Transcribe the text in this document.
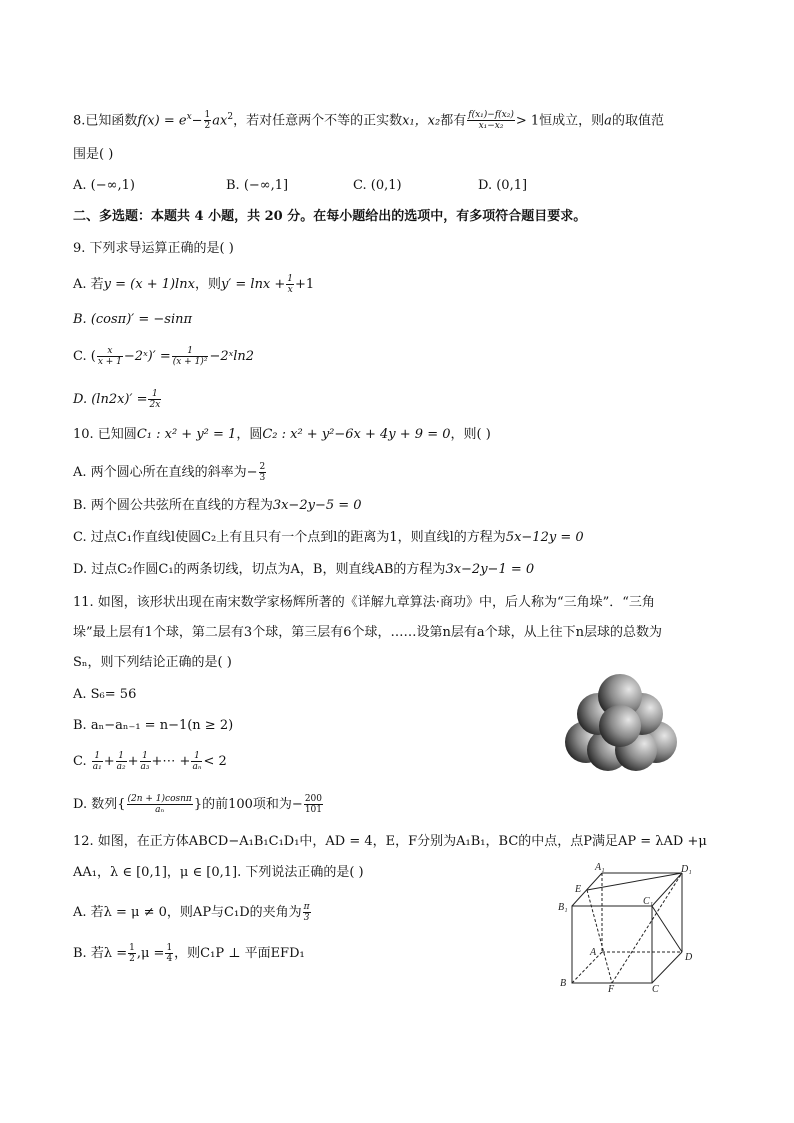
8.已知函数$f(x) = e^x- \frac{1}{2} ax^2$，若对任意两个不等的正实数x₁，x₂都有 $\frac{\text{f(x₁)−f(x₂)}}{\text{x₁−x₂}} > 1$恒成立，则a的取值范
围是( )
A. (−∞,1)	B. (−∞,1]	C. (0,1)	D. (0,1]
二、多选题：本题共 4 小题，共 20 分。在每小题给出的选项中，有多项符合题目要求。
9. 下列求导运算正确的是( )
A. 若y = (x + 1)lnx，则$y' = \ln x + \frac{1}{x} +1$
B. (cosπ)′ = −sinπ
C. ( $\frac{x}{x + 1}$ −2ˣ)′ = $\frac{1}{\text{(x + 1)²}}$ −2ˣln2
D. $(\ln 2x)' = \frac{1}{2x}$
10. 已知圆C₁ : x² + y² = 1，圆C₂ : x² + y²−6x + 4y + 9 = 0，则( )
A. 两个圆心所在直线的斜率为− $\frac{2}{3}$
B. 两个圆公共弦所在直线的方程为3x−2y−5 = 0
C. 过点C₁作直线l使圆C₂上有且只有一个点到l的距离为1，则直线l的方程为5x−12y = 0
D. 过点C₂作圆C₁的两条切线，切点为A，B，则直线AB的方程为3x−2y−1 = 0
11. 如图，该形状出现在南宋数学家杨辉所著的《详解九章算法·商功》中，后人称为“三角垛”．“三角
垛”最上层有1个球，第二层有3个球，第三层有6个球，……设第n层有a个球，从上往下n层球的总数为
Sₙ，则下列结论正确的是( )
A. S₆= 56
B. aₙ−aₙ₋₁ = n−1(n ≥ 2)
C. $\frac{1}{\text{a₁}} + \frac{1}{\text{a₂}} + \frac{1}{\text{a₃}}$ +⋯ + $\frac{1}{\text{aₙ}} < 2$
D. 数列{ $\frac{(2n + 1)\cos n\pi}{\text{aₙ}}$ }的前100项和为− $\frac{200}{101}$
12. 如图，在正方体ABCD−A₁B₁C₁D₁中，AD = 4，E，F分别为A₁B₁，BC的中点，点P满足AP = λAD +μ
AA₁，λ ∈ [0,1]，μ ∈ [0,1]. 下列说法正确的是( )
A. 若λ = μ ≠ 0，则AP与C₁D的夹角为 $\frac{\pi}{3}$
B. 若$\lambda = \frac{1}{2} ,\mu = \frac{1}{4}$ ，则C₁P ⊥ 平面EFD₁
A₁	D₁
E
C₁
B₁
A	D
B
F	C
